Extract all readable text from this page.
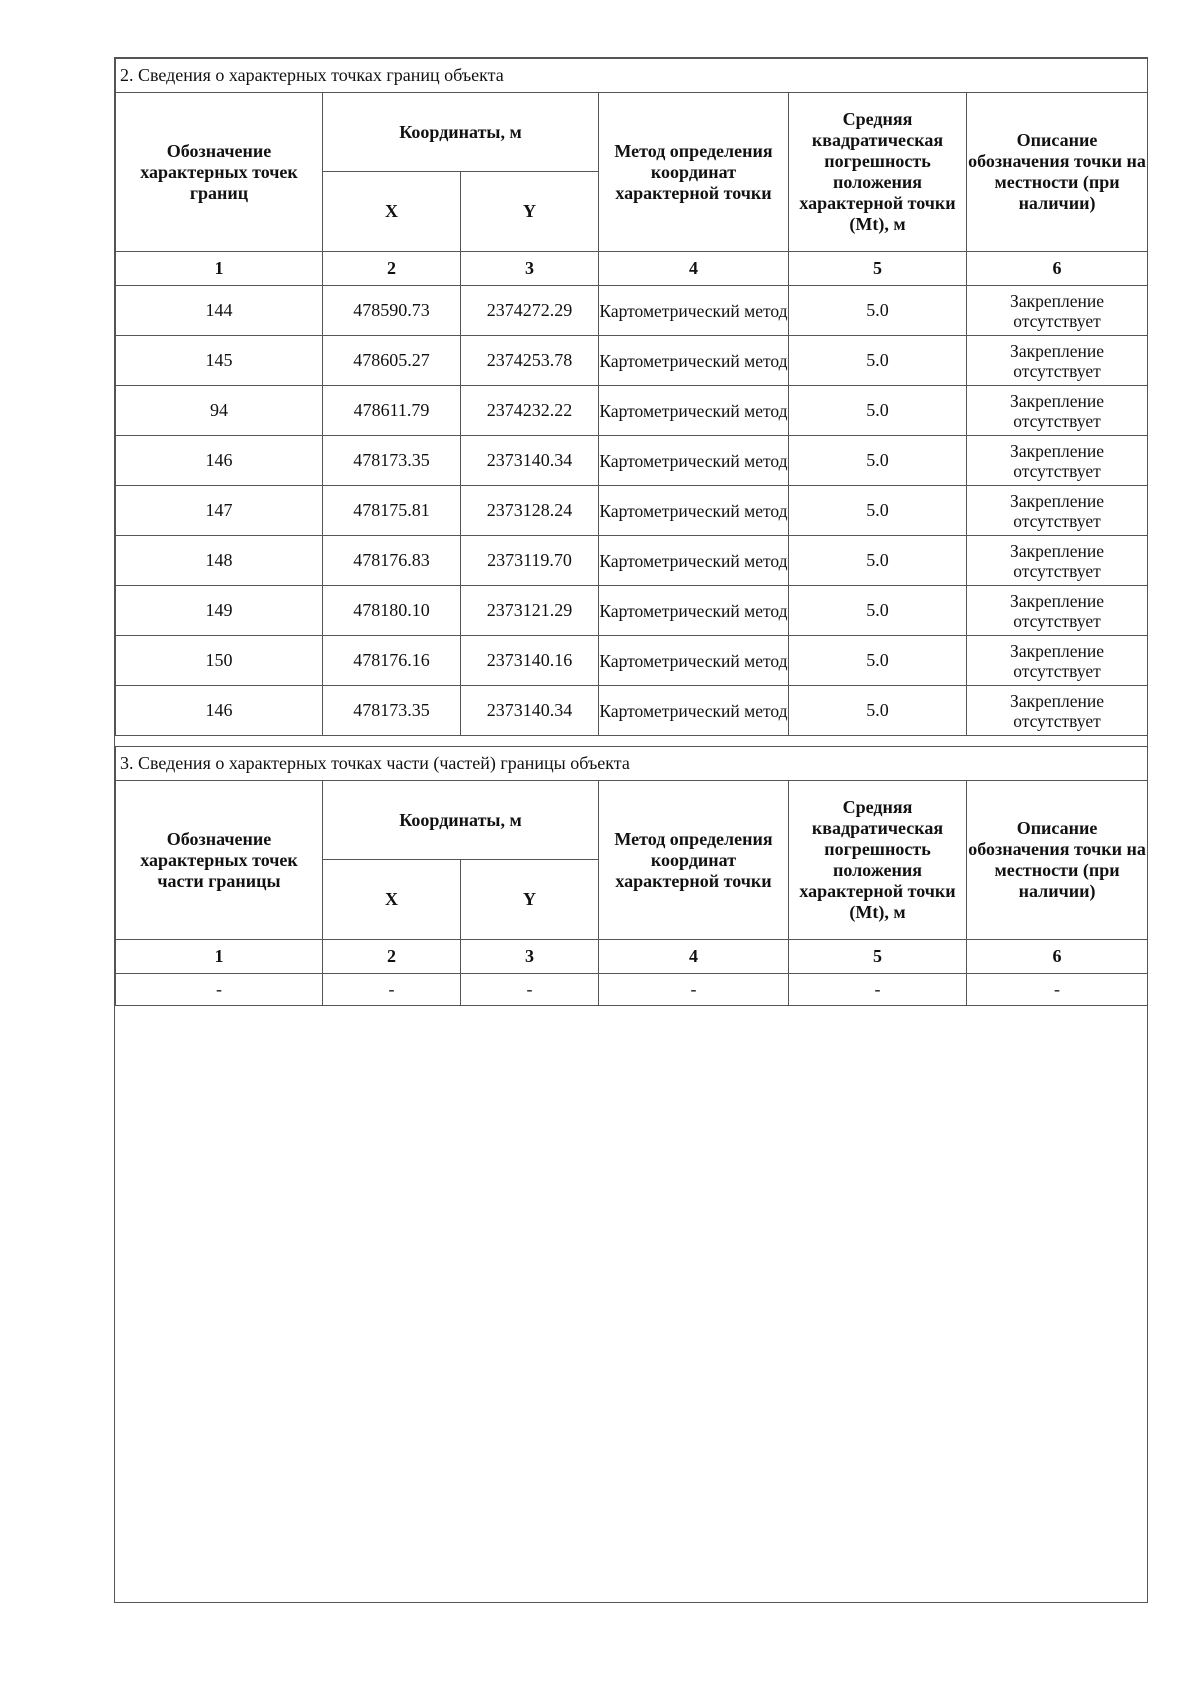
2. Сведения о характерных точках границ объекта					
Обозначение характерных точек границ	Координаты, м		Метод определения координат характерной точки	Средняя квадратическая погрешность положения характерной точки (Mt), м	Описание обозначения точки на местности (при наличии)
	X	Y			
1	2	3	4	5	6
144	478590.73	2374272.29	Картометрический метод	5.0	Закрепление отсутствует
145	478605.27	2374253.78	Картометрический метод	5.0	Закрепление отсутствует
94	478611.79	2374232.22	Картометрический метод	5.0	Закрепление отсутствует
146	478173.35	2373140.34	Картометрический метод	5.0	Закрепление отсутствует
147	478175.81	2373128.24	Картометрический метод	5.0	Закрепление отсутствует
148	478176.83	2373119.70	Картометрический метод	5.0	Закрепление отсутствует
149	478180.10	2373121.29	Картометрический метод	5.0	Закрепление отсутствует
150	478176.16	2373140.16	Картометрический метод	5.0	Закрепление отсутствует
146	478173.35	2373140.34	Картометрический метод	5.0	Закрепление отсутствует
3. Сведения о характерных точках части (частей) границы объекта					
Обозначение характерных точек части границы	Координаты, м		Метод определения координат характерной точки	Средняя квадратическая погрешность положения характерной точки (Mt), м	Описание обозначения точки на местности (при наличии)
	X	Y			
1	2	3	4	5	6
-	-	-	-	-	-
